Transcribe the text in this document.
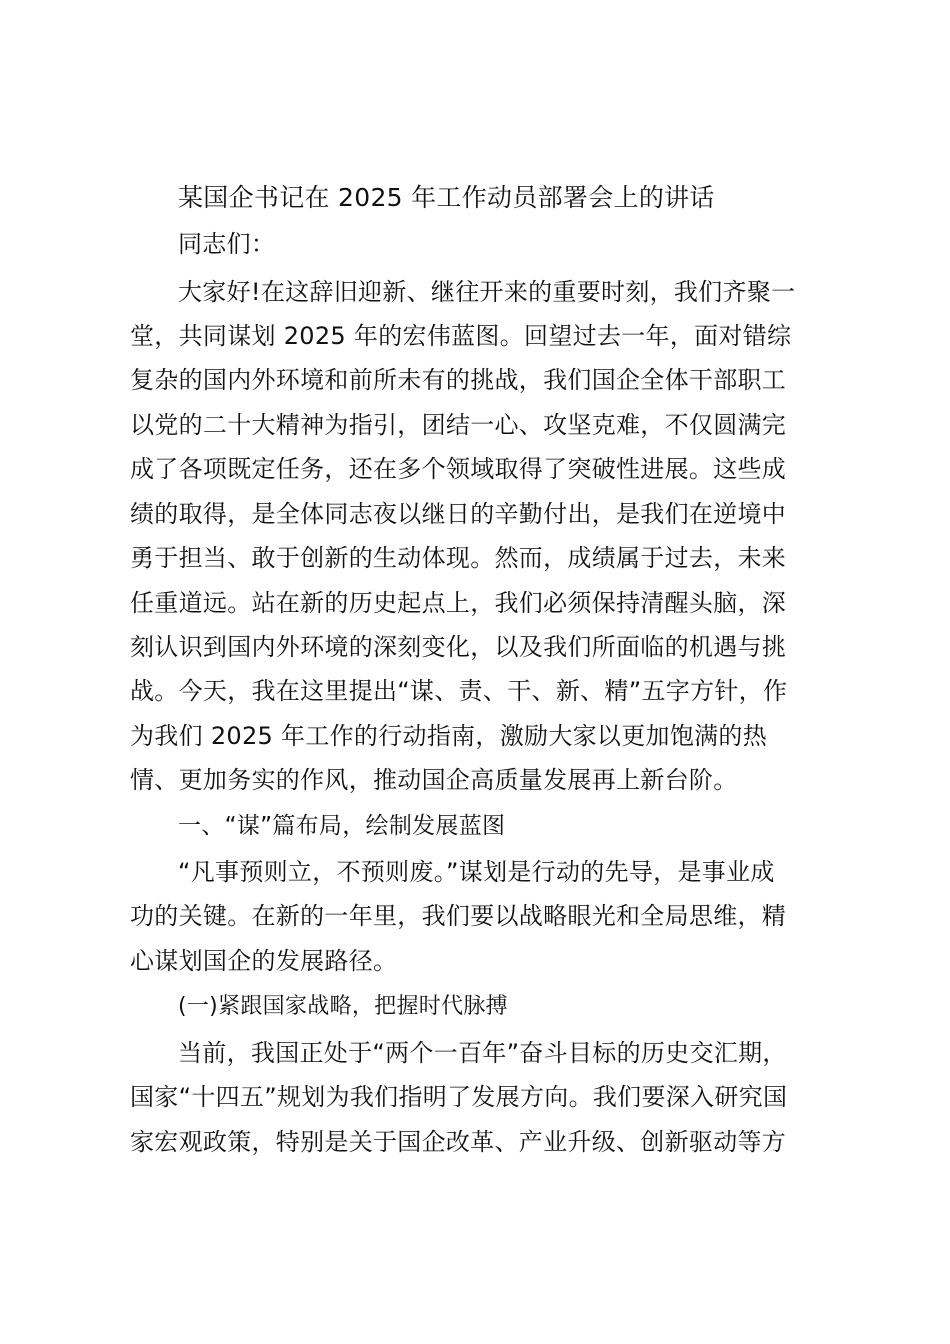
某国企书记在 2025 年工作动员部署会上的讲话
同志们：
大家好!在这辞旧迎新、继往开来的重要时刻，我们齐聚一
堂，共同谋划 2025 年的宏伟蓝图。回望过去一年，面对错综
复杂的国内外环境和前所未有的挑战，我们国企全体干部职工
以党的二十大精神为指引，团结一心、攻坚克难，不仅圆满完
成了各项既定任务，还在多个领域取得了突破性进展。这些成
绩的取得，是全体同志夜以继日的辛勤付出，是我们在逆境中
勇于担当、敢于创新的生动体现。然而，成绩属于过去，未来
任重道远。站在新的历史起点上，我们必须保持清醒头脑，深
刻认识到国内外环境的深刻变化，以及我们所面临的机遇与挑
战。今天，我在这里提出“谋、责、干、新、精”五字方针，作
为我们 2025 年工作的行动指南，激励大家以更加饱满的热
情、更加务实的作风，推动国企高质量发展再上新台阶。
一、“谋”篇布局，绘制发展蓝图
“凡事预则立，不预则废。”谋划是行动的先导，是事业成
功的关键。在新的一年里，我们要以战略眼光和全局思维，精
心谋划国企的发展路径。
(一)紧跟国家战略，把握时代脉搏
当前，我国正处于“两个一百年”奋斗目标的历史交汇期，
国家“十四五”规划为我们指明了发展方向。我们要深入研究国
家宏观政策，特别是关于国企改革、产业升级、创新驱动等方
